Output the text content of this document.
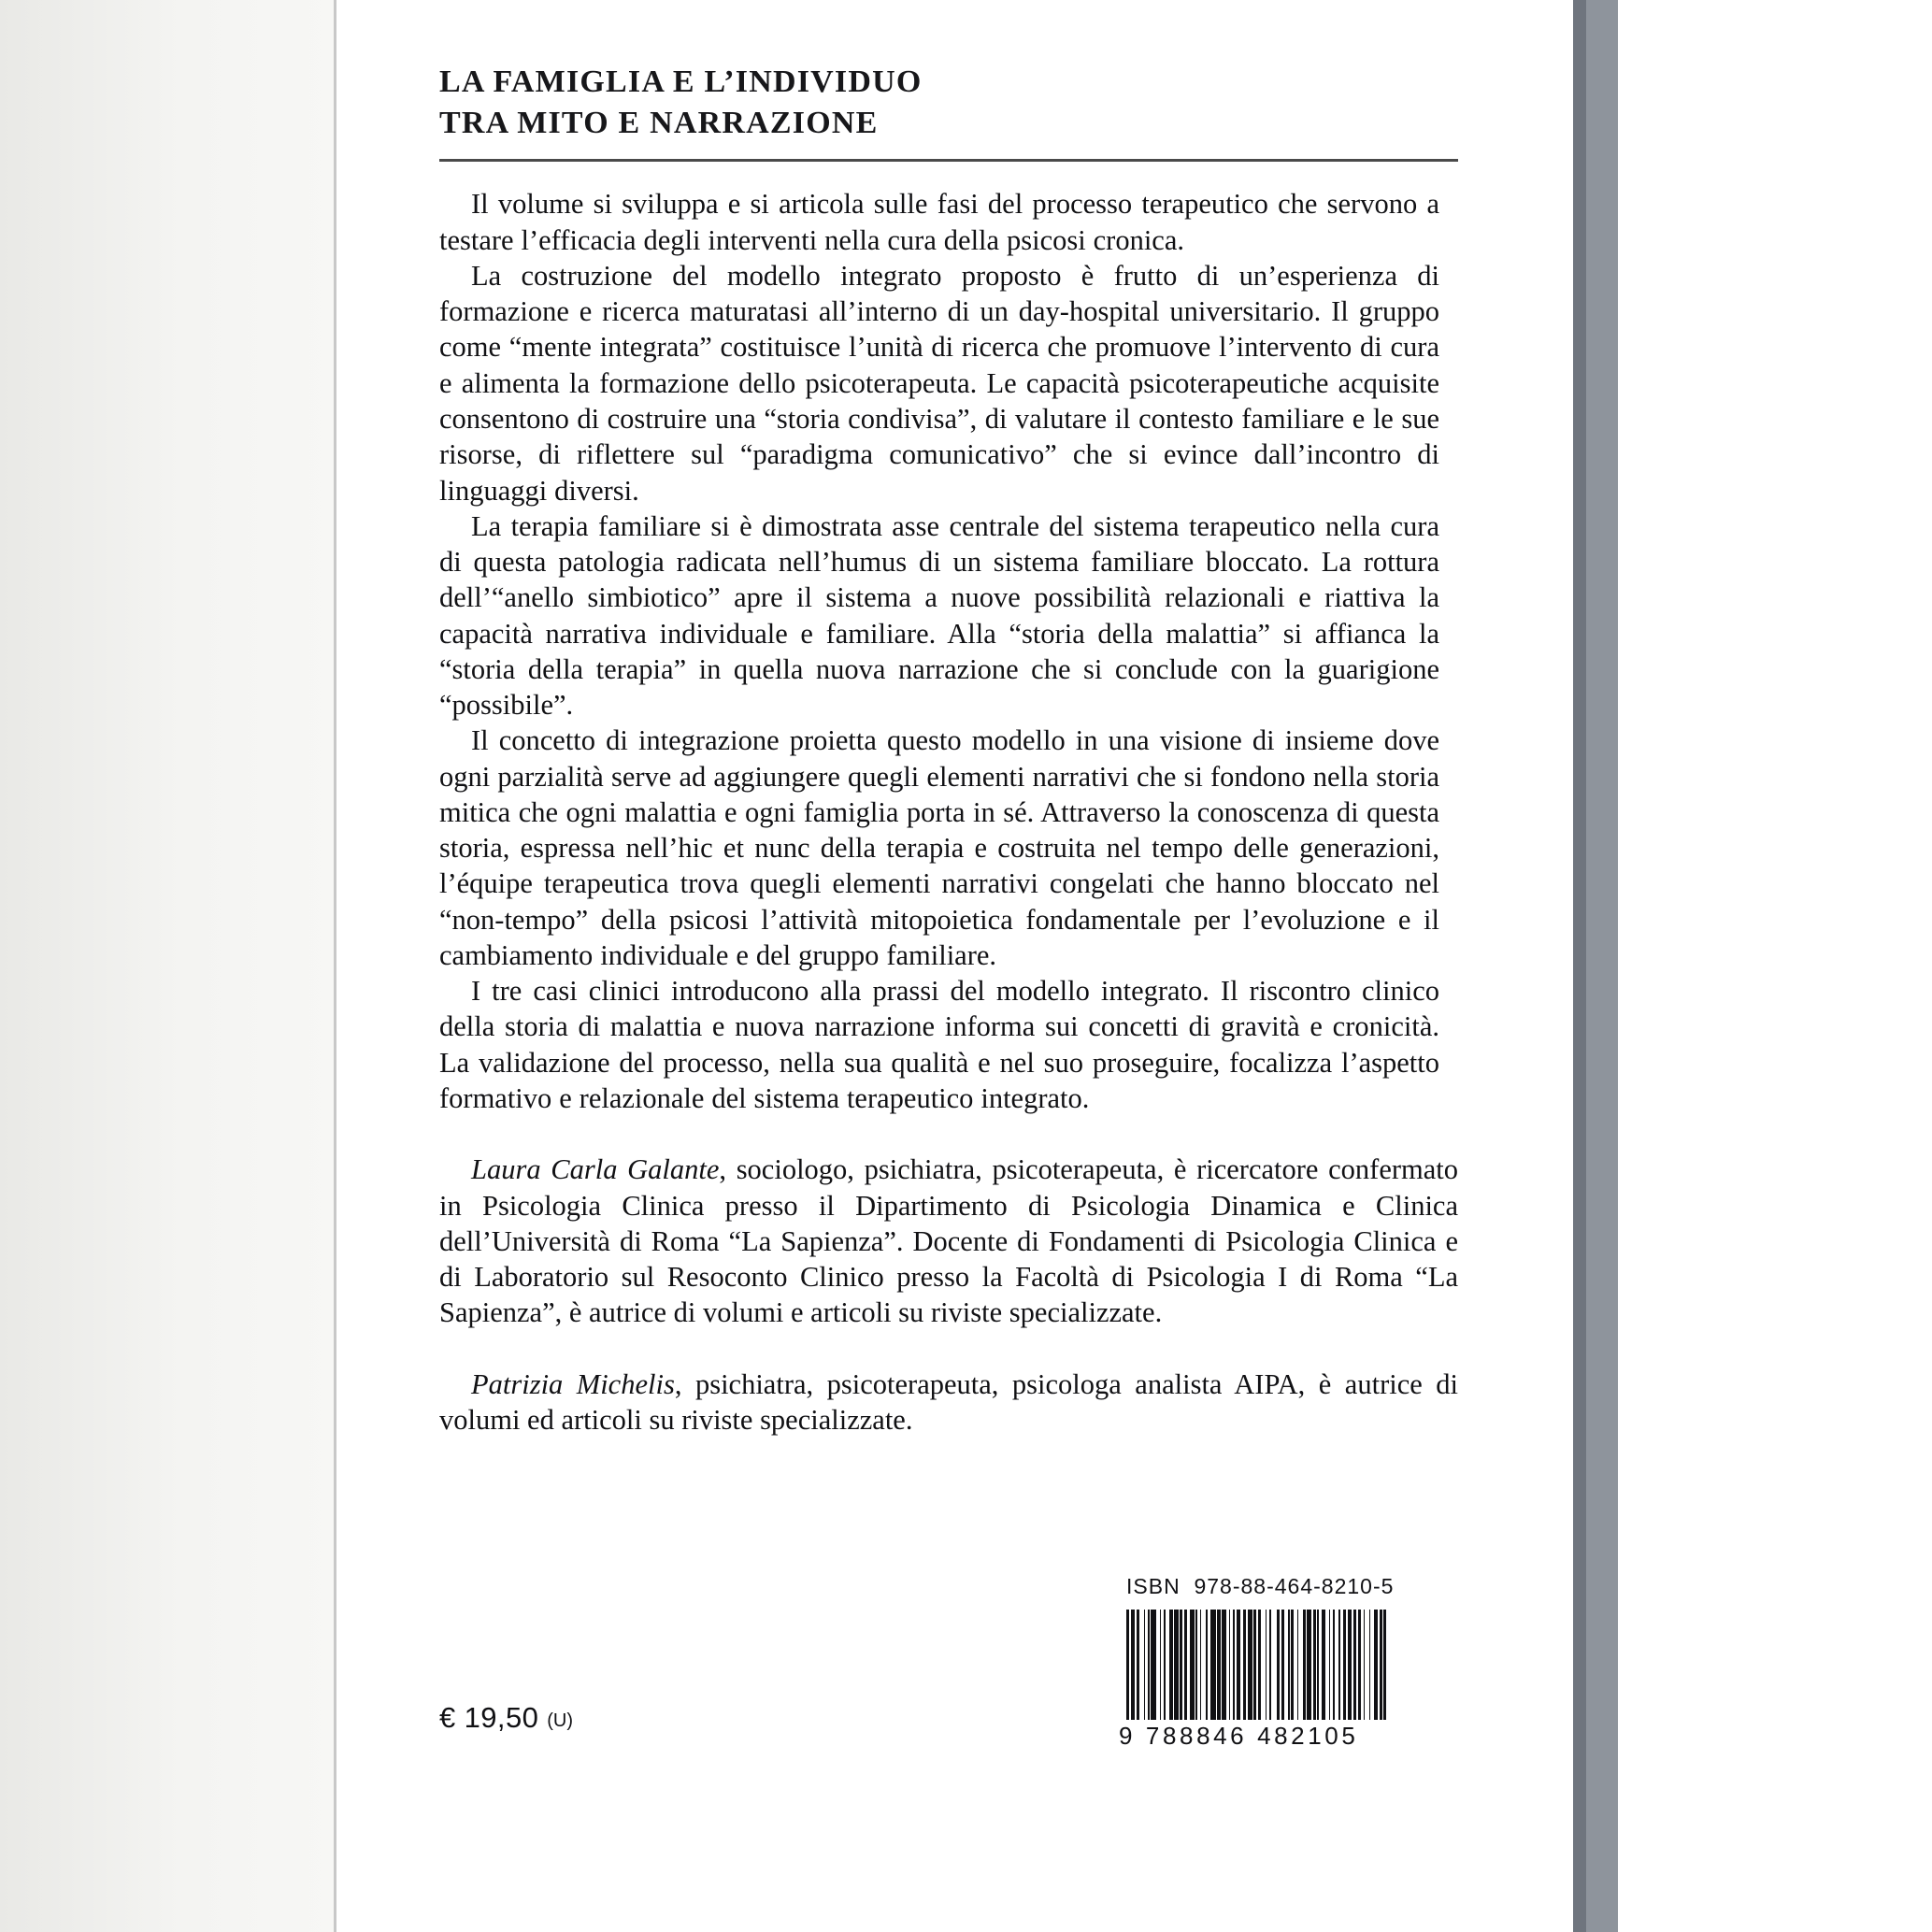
LA FAMIGLIA E L’INDIVIDUO
TRA MITO E NARRAZIONE

Il volume si sviluppa e si articola sulle fasi del processo terapeutico che servono a testare l’efficacia degli interventi nella cura della psicosi cronica.

La costruzione del modello integrato proposto è frutto di un’esperienza di formazione e ricerca maturatasi all’interno di un day-hospital universitario. Il gruppo come “mente integrata” costituisce l’unità di ricerca che promuove l’intervento di cura e alimenta la formazione dello psicoterapeuta. Le capacità psicoterapeutiche acquisite consentono di costruire una “storia condivisa”, di valutare il contesto familiare e le sue risorse, di riflettere sul “paradigma comunicativo” che si evince dall’incontro di linguaggi diversi.

La terapia familiare si è dimostrata asse centrale del sistema terapeutico nella cura di questa patologia radicata nell’humus di un sistema familiare bloccato. La rottura dell’“anello simbiotico” apre il sistema a nuove possibilità relazionali e riattiva la capacità narrativa individuale e familiare. Alla “storia della malattia” si affianca la “storia della terapia” in quella nuova narrazione che si conclude con la guarigione “possibile”.

Il concetto di integrazione proietta questo modello in una visione di insieme dove ogni parzialità serve ad aggiungere quegli elementi narrativi che si fondono nella storia mitica che ogni malattia e ogni famiglia porta in sé. Attraverso la conoscenza di questa storia, espressa nell’hic et nunc della terapia e costruita nel tempo delle generazioni, l’équipe terapeutica trova quegli elementi narrativi congelati che hanno bloccato nel “non-tempo” della psicosi l’attività mitopoietica fondamentale per l’evoluzione e il cambiamento individuale e del gruppo familiare.

I tre casi clinici introducono alla prassi del modello integrato. Il riscontro clinico della storia di malattia e nuova narrazione informa sui concetti di gravità e cronicità. La validazione del processo, nella sua qualità e nel suo proseguire, focalizza l’aspetto formativo e relazionale del sistema terapeutico integrato.

Laura Carla Galante, sociologo, psichiatra, psicoterapeuta, è ricercatore confermato in Psicologia Clinica presso il Dipartimento di Psicologia Dinamica e Clinica dell’Università di Roma “La Sapienza”. Docente di Fondamenti di Psicologia Clinica e di Laboratorio sul Resoconto Clinico presso la Facoltà di Psicologia I di Roma “La Sapienza”, è autrice di volumi e articoli su riviste specializzate.

Patrizia Michelis, psichiatra, psicoterapeuta, psicologa analista AIPA, è autrice di volumi ed articoli su riviste specializzate.

ISBN 978-88-464-8210-5
9 788846 482105
€ 19,50 (U)
